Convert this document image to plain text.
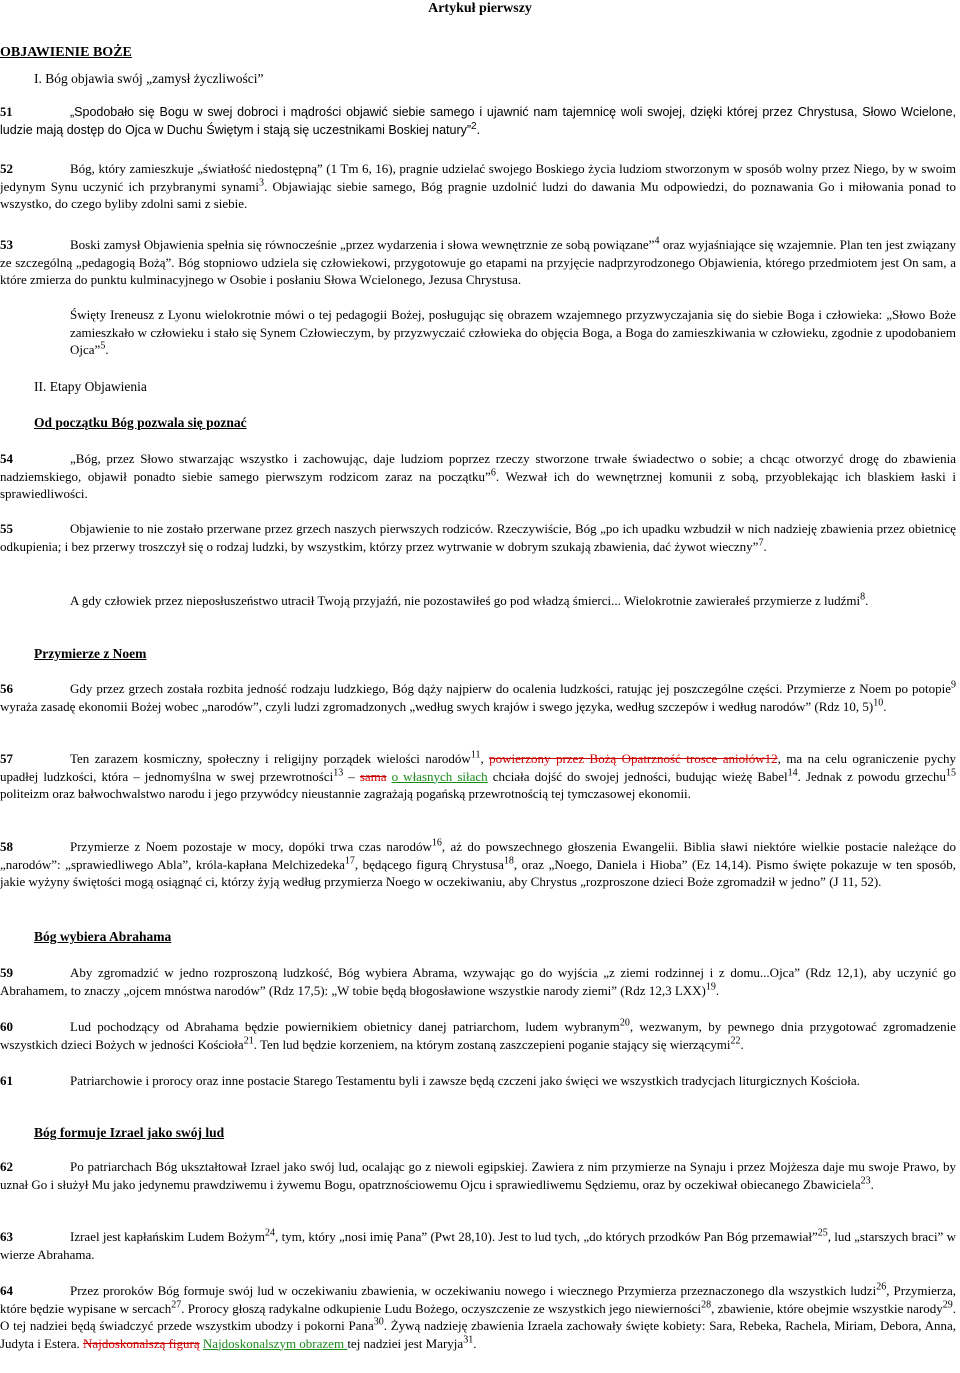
Artykuł pierwszy
OBJAWIENIE BOŻE
I. Bóg objawia swój „zamysł życzliwości”
51	„Spodobało się Bogu w swej dobroci i mądrości objawić siebie samego i ujawnić nam tajemnicę woli swojej, dzięki której przez Chrystusa, Słowo Wcielone, ludzie mają dostęp do Ojca w Duchu Świętym i stają się uczestnikami Boskiej natury”$^2$.
52	Bóg, który zamieszkuje „światłość niedostępną” (1 Tm 6, 16), pragnie udzielać swojego Boskiego życia ludziom stworzonym w sposób wolny przez Niego, by w swoim jedynym Synu uczynić ich przybranymi synami$^3$. Objawiając siebie samego, Bóg pragnie uzdolnić ludzi do dawania Mu odpowiedzi, do poznawania Go i miłowania ponad to wszystko, do czego byliby zdolni sami z siebie.
53	Boski zamysł Objawienia spełnia się równocześnie „przez wydarzenia i słowa wewnętrznie ze sobą powiązane”$^4$ oraz wyjaśniające się wzajemnie. Plan ten jest związany ze szczególną „pedagogią Bożą”. Bóg stopniowo udziela się człowiekowi, przygotowuje go etapami na przyjęcie nadprzyrodzonego Objawienia, którego przedmiotem jest On sam, a które zmierza do punktu kulminacyjnego w Osobie i posłaniu Słowa Wcielonego, Jezusa Chrystusa.
Święty Ireneusz z Lyonu wielokrotnie mówi o tej pedagogii Bożej, posługując się obrazem wzajemnego przyzwyczajania się do siebie Boga i człowieka: „Słowo Boże zamieszkało w człowieku i stało się Synem Człowieczym, by przyzwyczaić człowieka do objęcia Boga, a Boga do zamieszkiwania w człowieku, zgodnie z upodobaniem Ojca”$^5$.
II. Etapy Objawienia
Od początku Bóg pozwala się poznać
54	„Bóg, przez Słowo stwarzając wszystko i zachowując, daje ludziom poprzez rzeczy stworzone trwałe świadectwo o sobie; a chcąc otworzyć drogę do zbawienia nadziemskiego, objawił ponadto siebie samego pierwszym rodzicom zaraz na początku”$^6$. Wezwał ich do wewnętrznej komunii z sobą, przyoblekając ich blaskiem łaski i sprawiedliwości.
55	Objawienie to nie zostało przerwane przez grzech naszych pierwszych rodziców. Rzeczywiście, Bóg „po ich upadku wzbudził w nich nadzieję zbawienia przez obietnicę odkupienia; i bez przerwy troszczył się o rodzaj ludzki, by wszystkim, którzy przez wytrwanie w dobrym szukają zbawienia, dać żywot wieczny”$^7$.
A gdy człowiek przez nieposłuszeństwo utracił Twoją przyjaźń, nie pozostawiłeś go pod władzą śmierci... Wielokrotnie zawierałeś przymierze z ludźmi$^8$.
Przymierze z Noem
56	Gdy przez grzech została rozbita jedność rodzaju ludzkiego, Bóg dąży najpierw do ocalenia ludzkości, ratując jej poszczególne części. Przymierze z Noem po potopie$^9$ wyraża zasadę ekonomii Bożej wobec „narodów”, czyli ludzi zgromadzonych „według swych krajów i swego języka, według szczepów i według narodów” (Rdz 10, 5)$^{10}$.
57	Ten zarazem kosmiczny, społeczny i religijny porządek wielości narodów$^{11}$, powierzony przez Bożą Opatrzność trosce aniołów12, ma na celu ograniczenie pychy upadłej ludzkości, która – jednomyślna w swej przewrotności$^{13}$ – sama o własnych siłach chciała dojść do swojej jedności, budując wieżę Babel$^{14}$. Jednak z powodu grzechu$^{15}$ politeizm oraz bałwochwalstwo narodu i jego przywódcy nieustannie zagrażają pogańską przewrotnością tej tymczasowej ekonomii.
58	Przymierze z Noem pozostaje w mocy, dopóki trwa czas narodów$^{16}$, aż do powszechnego głoszenia Ewangelii. Biblia sławi niektóre wielkie postacie należące do „narodów”: „sprawiedliwego Abla”, króla-kapłana Melchizedeka$^{17}$, będącego figurą Chrystusa$^{18}$, oraz „Noego, Daniela i Hioba” (Ez 14,14). Pismo święte pokazuje w ten sposób, jakie wyżyny świętości mogą osiągnąć ci, którzy żyją według przymierza Noego w oczekiwaniu, aby Chrystus „rozproszone dzieci Boże zgromadził w jedno” (J 11, 52).
Bóg wybiera Abrahama
59	Aby zgromadzić w jedno rozproszoną ludzkość, Bóg wybiera Abrama, wzywając go do wyjścia „z ziemi rodzinnej i z domu...Ojca” (Rdz 12,1), aby uczynić go Abrahamem, to znaczy „ojcem mnóstwa narodów” (Rdz 17,5): „W tobie będą błogosławione wszystkie narody ziemi” (Rdz 12,3 LXX)$^{19}$.
60	Lud pochodzący od Abrahama będzie powiernikiem obietnicy danej patriarchom, ludem wybranym$^{20}$, wezwanym, by pewnego dnia przygotować zgromadzenie wszystkich dzieci Bożych w jedności Kościoła$^{21}$. Ten lud będzie korzeniem, na którym zostaną zaszczepieni poganie stający się wierzącymi$^{22}$.
61	Patriarchowie i prorocy oraz inne postacie Starego Testamentu byli i zawsze będą czczeni jako święci we wszystkich tradycjach liturgicznych Kościoła.
Bóg formuje Izrael jako swój lud
62	Po patriarchach Bóg ukształtował Izrael jako swój lud, ocalając go z niewoli egipskiej. Zawiera z nim przymierze na Synaju i przez Mojżesza daje mu swoje Prawo, by uznał Go i służył Mu jako jedynemu prawdziwemu i żywemu Bogu, opatrznościowemu Ojcu i sprawiedliwemu Sędziemu, oraz by oczekiwał obiecanego Zbawiciela$^{23}$.
63	Izrael jest kapłańskim Ludem Bożym$^{24}$, tym, który „nosi imię Pana” (Pwt 28,10). Jest to lud tych, „do których przodków Pan Bóg przemawiał”$^{25}$, lud „starszych braci” w wierze Abrahama.
64	Przez proroków Bóg formuje swój lud w oczekiwaniu zbawienia, w oczekiwaniu nowego i wiecznego Przymierza przeznaczonego dla wszystkich ludzi$^{26}$, Przymierza, które będzie wypisane w sercach$^{27}$. Prorocy głoszą radykalne odkupienie Ludu Bożego, oczyszczenie ze wszystkich jego niewierności$^{28}$, zbawienie, które obejmie wszystkie narody$^{29}$. O tej nadziei będą świadczyć przede wszystkim ubodzy i pokorni Pana$^{30}$. Żywą nadzieję zbawienia Izraela zachowały święte kobiety: Sara, Rebeka, Rachela, Miriam, Debora, Anna, Judyta i Estera. Najdoskonalszą figurą Najdoskonalszym obrazem tej nadziei jest Maryja$^{31}$.
